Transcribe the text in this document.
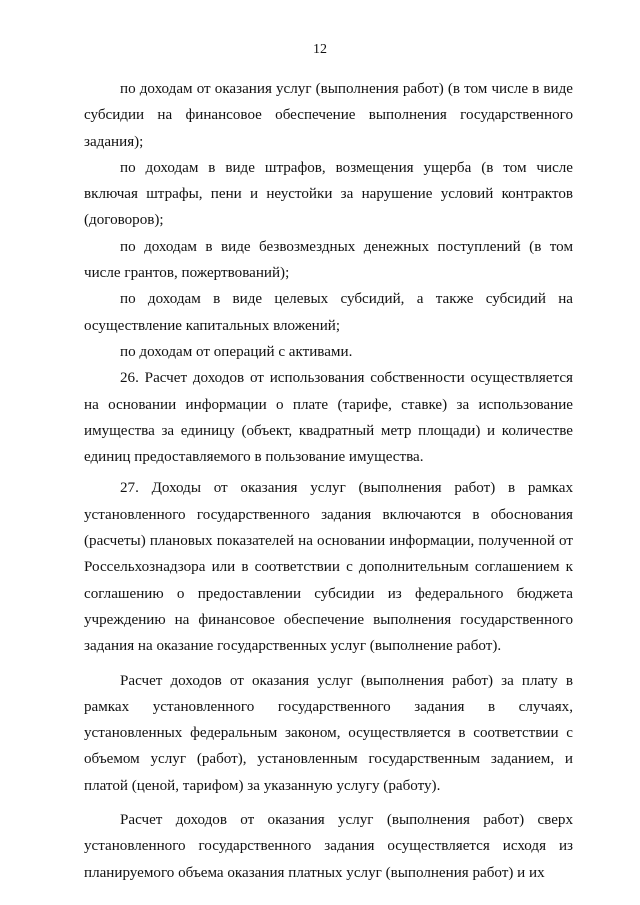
12

по доходам от оказания услуг (выполнения работ) (в том числе в виде субсидии на финансовое обеспечение выполнения государственного задания);

по доходам в виде штрафов, возмещения ущерба (в том числе включая штрафы, пени и неустойки за нарушение условий контрактов (договоров);

по доходам в виде безвозмездных денежных поступлений (в том числе грантов, пожертвований);

по доходам в виде целевых субсидий, а также субсидий на осуществление капитальных вложений;

по доходам от операций с активами.

26. Расчет доходов от использования собственности осуществляется на основании информации о плате (тарифе, ставке) за использование имущества за единицу (объект, квадратный метр площади) и количестве единиц предоставляемого в пользование имущества.

27. Доходы от оказания услуг (выполнения работ) в рамках установленного государственного задания включаются в обоснования (расчеты) плановых показателей на основании информации, полученной от Россельхознадзора или в соответствии с дополнительным соглашением к соглашению о предоставлении субсидии из федерального бюджета учреждению на финансовое обеспечение выполнения государственного задания на оказание государственных услуг (выполнение работ).

Расчет доходов от оказания услуг (выполнения работ) за плату в рамках установленного государственного задания в случаях, установленных федеральным законом, осуществляется в соответствии с объемом услуг (работ), установленным государственным заданием, и платой (ценой, тарифом) за указанную услугу (работу).

Расчет доходов от оказания услуг (выполнения работ) сверх установленного государственного задания осуществляется исходя из планируемого объема оказания платных услуг (выполнения работ) и их
